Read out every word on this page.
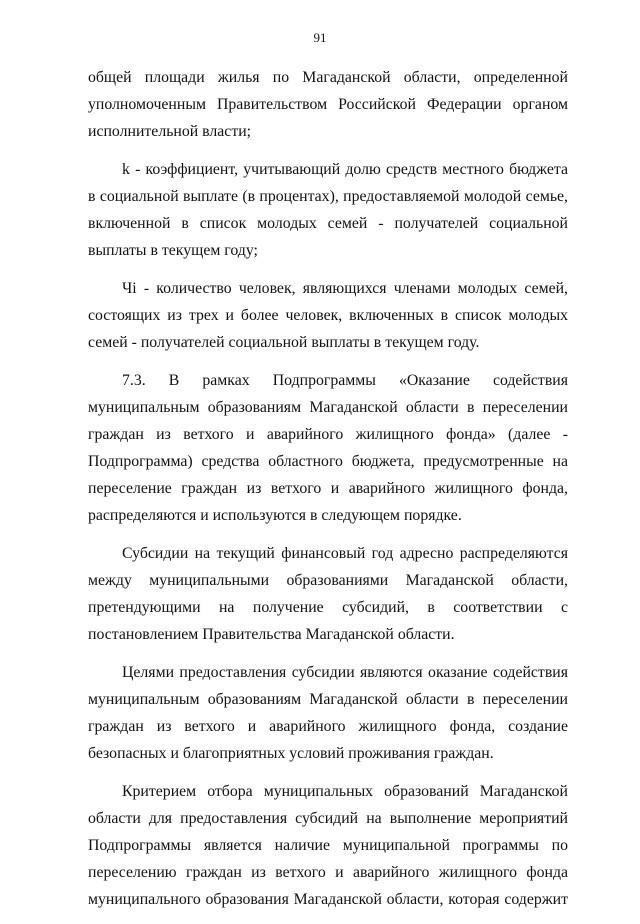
91

общей площади жилья по Магаданской области, определенной уполномоченным Правительством Российской Федерации органом исполнительной власти;

k - коэффициент, учитывающий долю средств местного бюджета в социальной выплате (в процентах), предоставляемой молодой семье, включенной в список молодых семей - получателей социальной выплаты в текущем году;

Чi - количество человек, являющихся членами молодых семей, состоящих из трех и более человек, включенных в список молодых семей - получателей социальной выплаты в текущем году.

7.3. В рамках Подпрограммы «Оказание содействия муниципальным образованиям Магаданской области в переселении граждан из ветхого и аварийного жилищного фонда» (далее - Подпрограмма) средства областного бюджета, предусмотренные на переселение граждан из ветхого и аварийного жилищного фонда, распределяются и используются в следующем порядке.

Субсидии на текущий финансовый год адресно распределяются между муниципальными образованиями Магаданской области, претендующими на получение субсидий, в соответствии с постановлением Правительства Магаданской области.

Целями предоставления субсидии являются оказание содействия муниципальным образованиям Магаданской области в переселении граждан из ветхого и аварийного жилищного фонда, создание безопасных и благоприятных условий проживания граждан.

Критерием отбора муниципальных образований Магаданской области для предоставления субсидий на выполнение мероприятий Подпрограммы является наличие муниципальной программы по переселению граждан из ветхого и аварийного жилищного фонда муниципального образования Магаданской области, которая содержит
